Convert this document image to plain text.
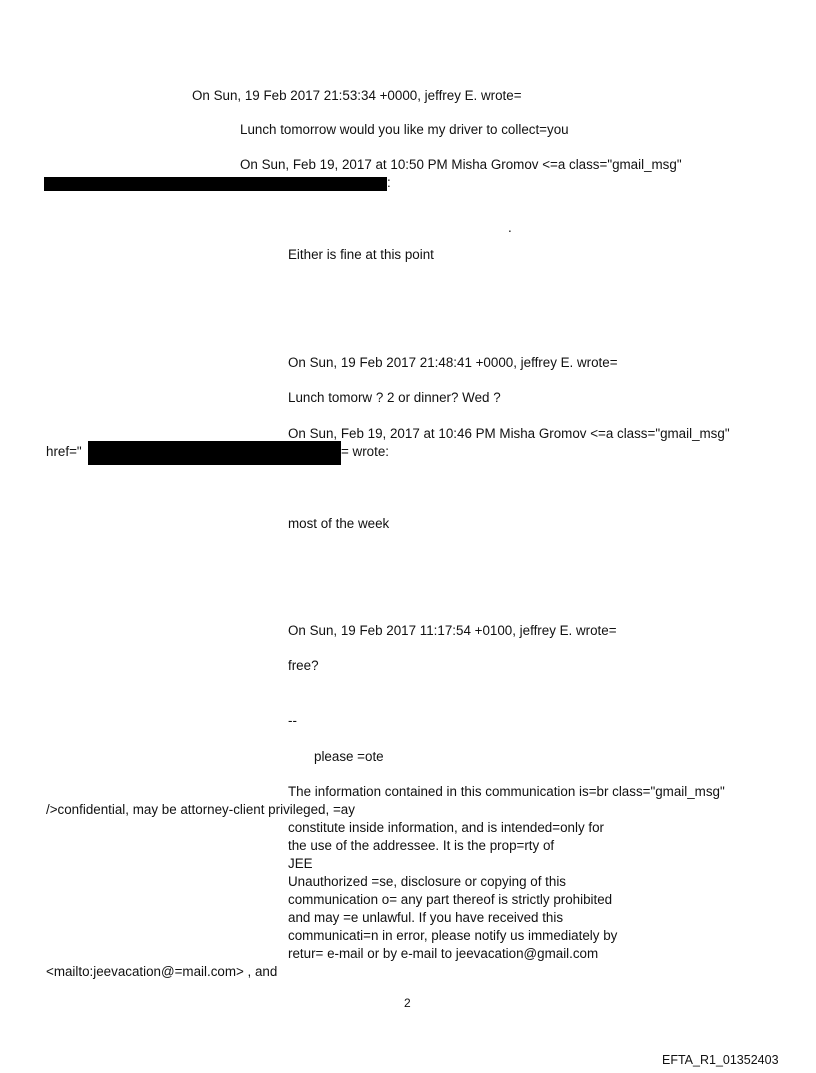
On Sun, 19 Feb 2017 21:53:34 +0000, jeffrey E. wrote=
Lunch tomorrow would you like my driver to collect=you
On Sun, Feb 19, 2017 at 10:50 PM Misha Gromov <=a class="gmail_msg"
:
.
Either is fine at this point
On Sun, 19 Feb 2017 21:48:41 +0000, jeffrey E. wrote=
Lunch tomorw ? 2 or dinner? Wed ?
On Sun, Feb 19, 2017 at 10:46 PM Misha Gromov <=a class="gmail_msg"
href="	= wrote:
most of the week
On Sun, 19 Feb 2017 11:17:54 +0100, jeffrey E. wrote=
free?
--
please =ote
The information contained in this communication is=br class="gmail_msg"
/>confidential, may be attorney-client privileged, =ay
constitute inside information, and is intended=only for
the use of the addressee. It is the prop=rty of
JEE
Unauthorized =se, disclosure or copying of this
communication o= any part thereof is strictly prohibited
and may =e unlawful. If you have received this
communicati=n in error, please notify us immediately by
retur= e-mail or by e-mail to jeevacation@gmail.com
<mailto:jeevacation@=mail.com> , and
2
EFTA_R1_01352403
